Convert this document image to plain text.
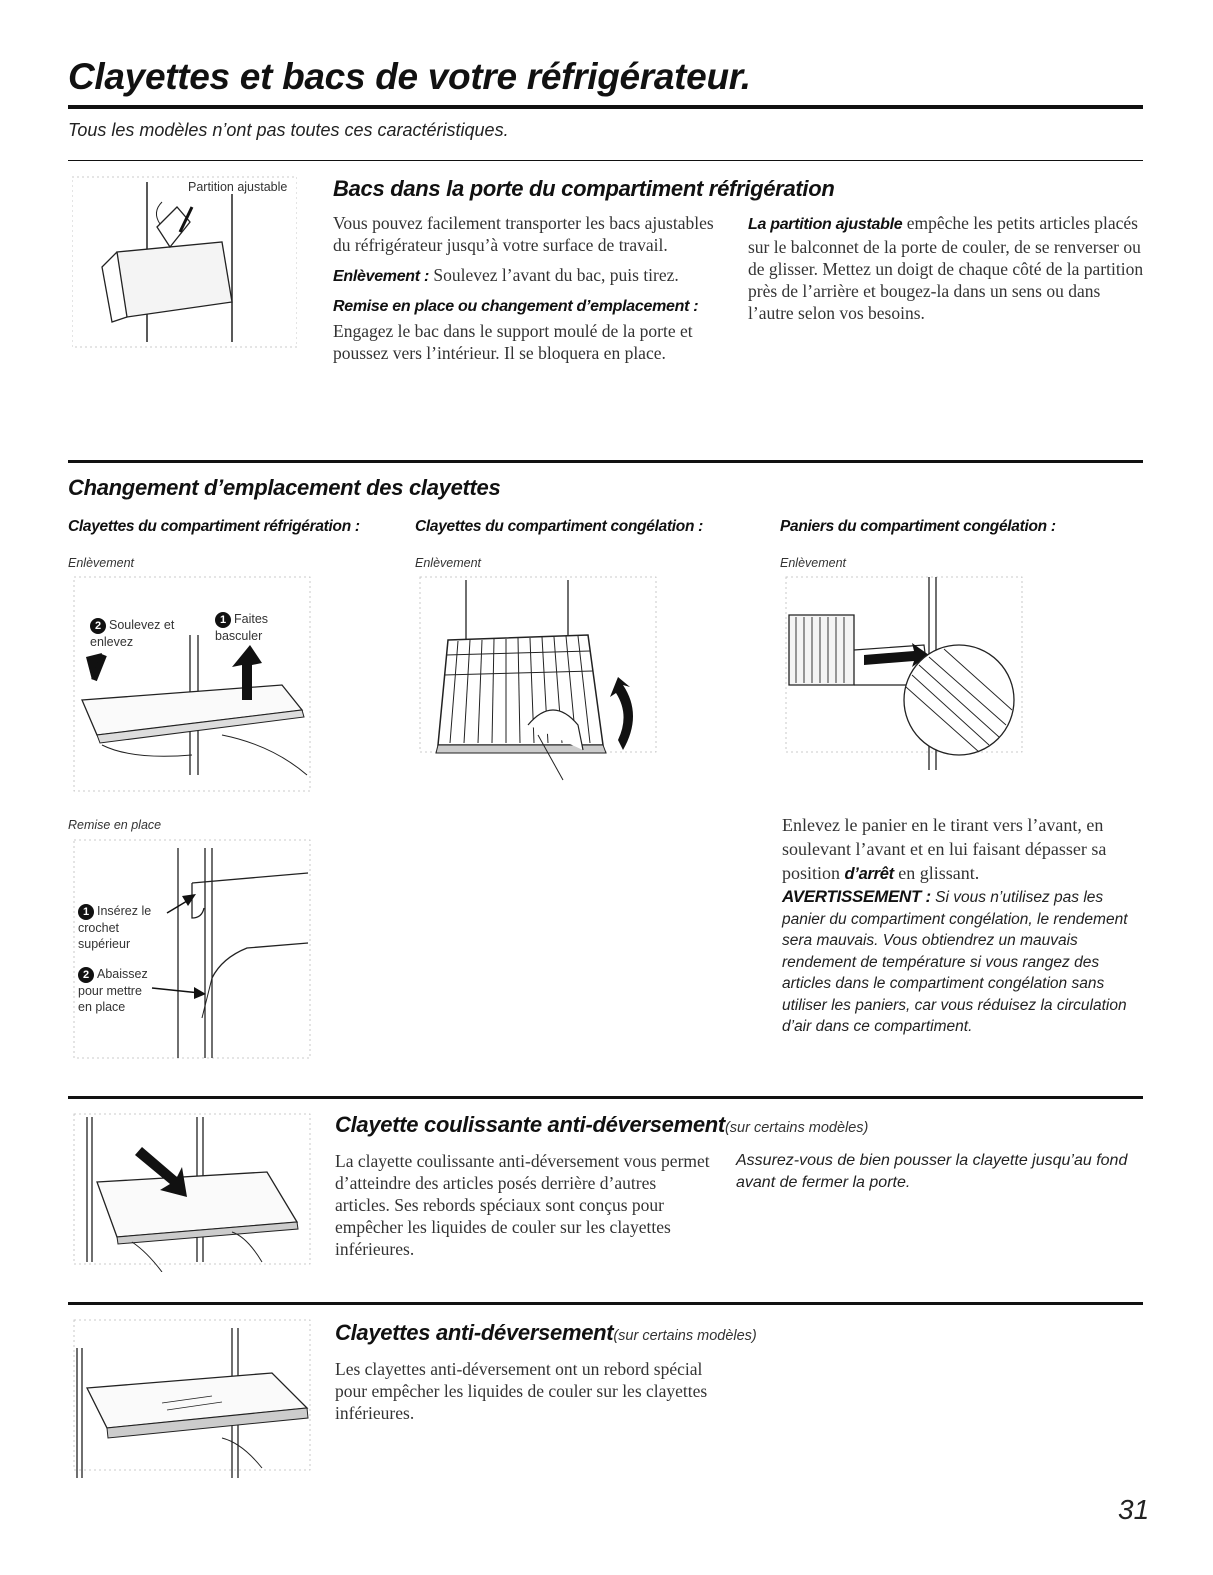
Clayettes et bacs de votre réfrigérateur.
Tous les modèles n’ont pas toutes ces caractéristiques.
Partition ajustable Bacs dans la porte du compartiment réfrigération

Vous pouvez facilement transporter les bacs ajustables du réfrigérateur jusqu’à votre surface de travail.

Enlèvement : Soulevez l’avant du bac, puis tirez.

Remise en place ou changement d’emplacement :

Engagez le bac dans le support moulé de la porte et poussez vers l’intérieur. Il se bloquera en place.

La partition ajustable empêche les petits articles placés sur le balconnet de la porte de couler, de se renverser ou de glisser. Mettez un doigt de chaque côté de la partition près de l’arrière et bougez-la dans un sens ou dans l’autre selon vos besoins.

Changement d’emplacement des clayettes
Clayettes du compartiment réfrigération :	Clayettes du compartiment congélation :	Paniers du compartiment congélation :
Enlèvement	Enlèvement	Enlèvement
2 Soulevez et enlevez
1 Faites basculer
Remise en place
1 Insérez le crochet supérieur
2 Abaissez pour mettre en place
Enlevez le panier en le tirant vers l’avant, en soulevant l’avant et en lui faisant dépasser sa position d’arrêt en glissant.
AVERTISSEMENT : Si vous n’utilisez pas les panier du compartiment congélation, le rendement sera mauvais. Vous obtiendrez un mauvais rendement de température si vous rangez des articles dans le compartiment congélation sans utiliser les paniers, car vous réduisez la circulation d’air dans ce compartiment.
Clayette coulissante anti-déversement(sur certains modèles)
La clayette coulissante anti-déversement vous permet d’atteindre des articles posés derrière d’autres articles. Ses rebords spéciaux sont conçus pour empêcher les liquides de couler sur les clayettes inférieures.
Assurez-vous de bien pousser la clayette jusqu’au fond avant de fermer la porte.
Clayettes anti-déversement(sur certains modèles)
Les clayettes anti-déversement ont un rebord spécial pour empêcher les liquides de couler sur les clayettes inférieures.
31
